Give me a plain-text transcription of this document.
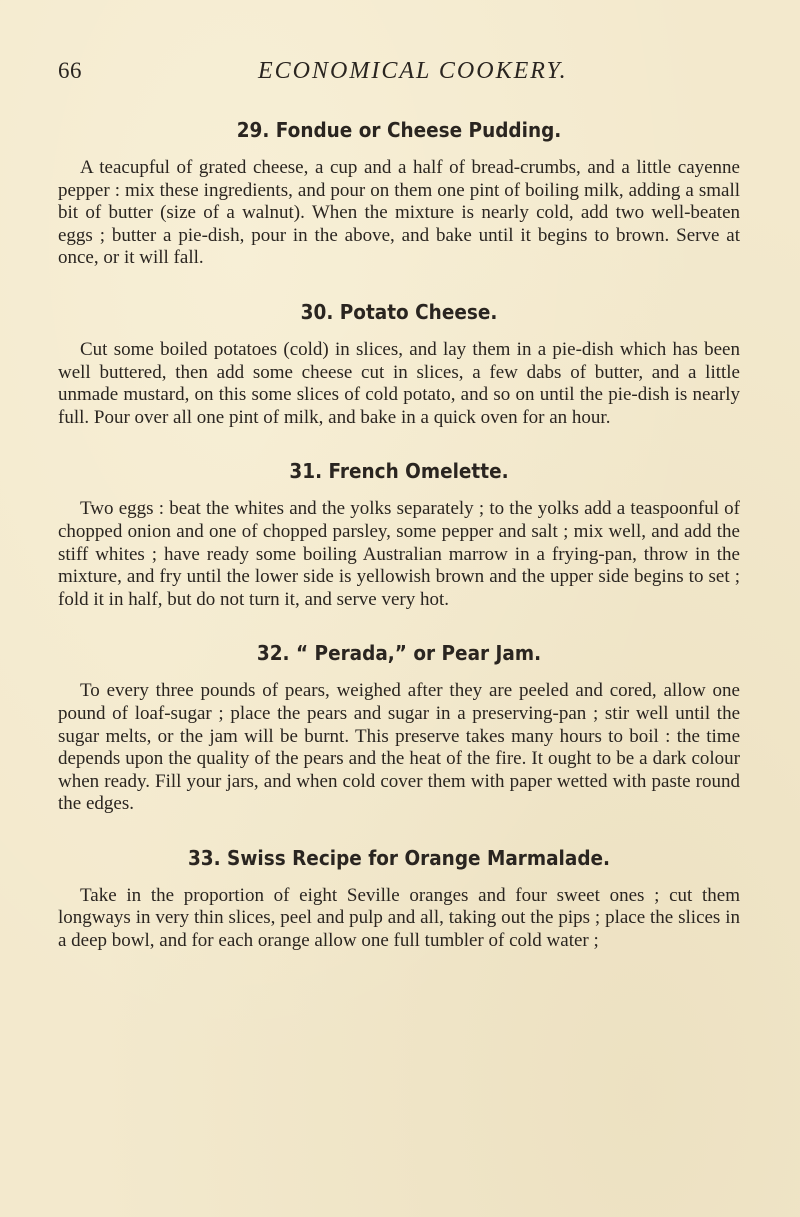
66	ECONOMICAL COOKERY.
29. Fondue or Cheese Pudding.

A teacupful of grated cheese, a cup and a half of bread-crumbs, and a little cayenne pepper : mix these ingredients, and pour on them one pint of boiling milk, adding a small bit of butter (size of a walnut). When the mixture is nearly cold, add two well-beaten eggs ; butter a pie-dish, pour in the above, and bake until it begins to brown. Serve at once, or it will fall.

30. Potato Cheese.

Cut some boiled potatoes (cold) in slices, and lay them in a pie-dish which has been well buttered, then add some cheese cut in slices, a few dabs of butter, and a little unmade mustard, on this some slices of cold potato, and so on until the pie-dish is nearly full. Pour over all one pint of milk, and bake in a quick oven for an hour.

31. French Omelette.

Two eggs : beat the whites and the yolks separately ; to the yolks add a teaspoonful of chopped onion and one of chopped parsley, some pepper and salt ; mix well, and add the stiff whites ; have ready some boiling Australian marrow in a frying-pan, throw in the mixture, and fry until the lower side is yellowish brown and the upper side begins to set ; fold it in half, but do not turn it, and serve very hot.

32. “ Perada,” or Pear Jam.

To every three pounds of pears, weighed after they are peeled and cored, allow one pound of loaf-sugar ; place the pears and sugar in a preserving-pan ; stir well until the sugar melts, or the jam will be burnt. This preserve takes many hours to boil : the time depends upon the quality of the pears and the heat of the fire. It ought to be a dark colour when ready. Fill your jars, and when cold cover them with paper wetted with paste round the edges.

33. Swiss Recipe for Orange Marmalade.

Take in the proportion of eight Seville oranges and four sweet ones ; cut them longways in very thin slices, peel and pulp and all, taking out the pips ; place the slices in a deep bowl, and for each orange allow one full tumbler of cold water ;
